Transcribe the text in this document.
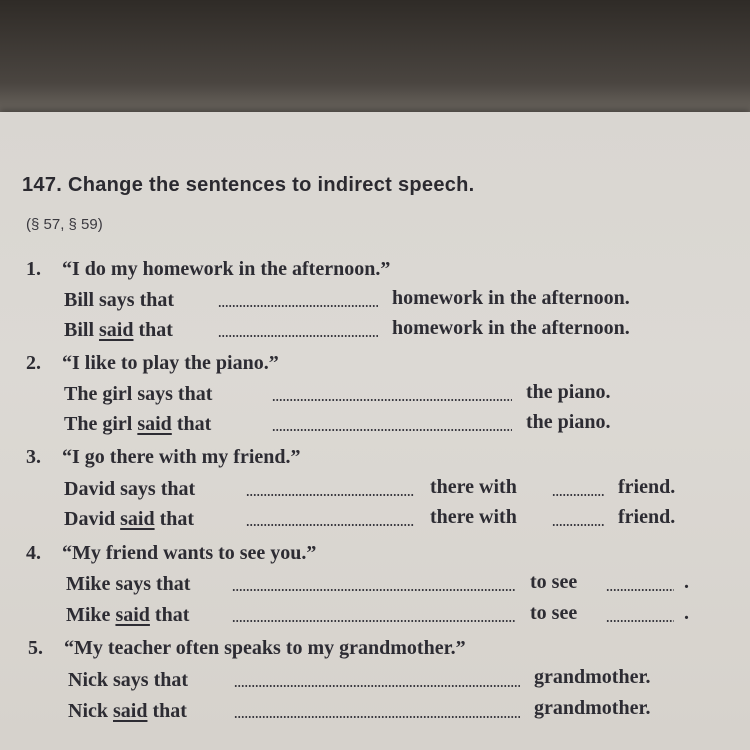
147. Change the sentences to indirect speech.
(§ 57, § 59)
1. “I do my homework in the afternoon.”
Bill says that	homework in the afternoon.
Bill said that	homework in the afternoon.
2. “I like to play the piano.”
The girl says that	the piano.
The girl said that	the piano.
3. “I go there with my friend.”
David says that	there with	friend.
David said that	there with	friend.
4. “My friend wants to see you.”
Mike says that	to see	.
Mike said that	to see	.
5. “My teacher often speaks to my grandmother.”
Nick says that	grandmother.
Nick said that	grandmother.
